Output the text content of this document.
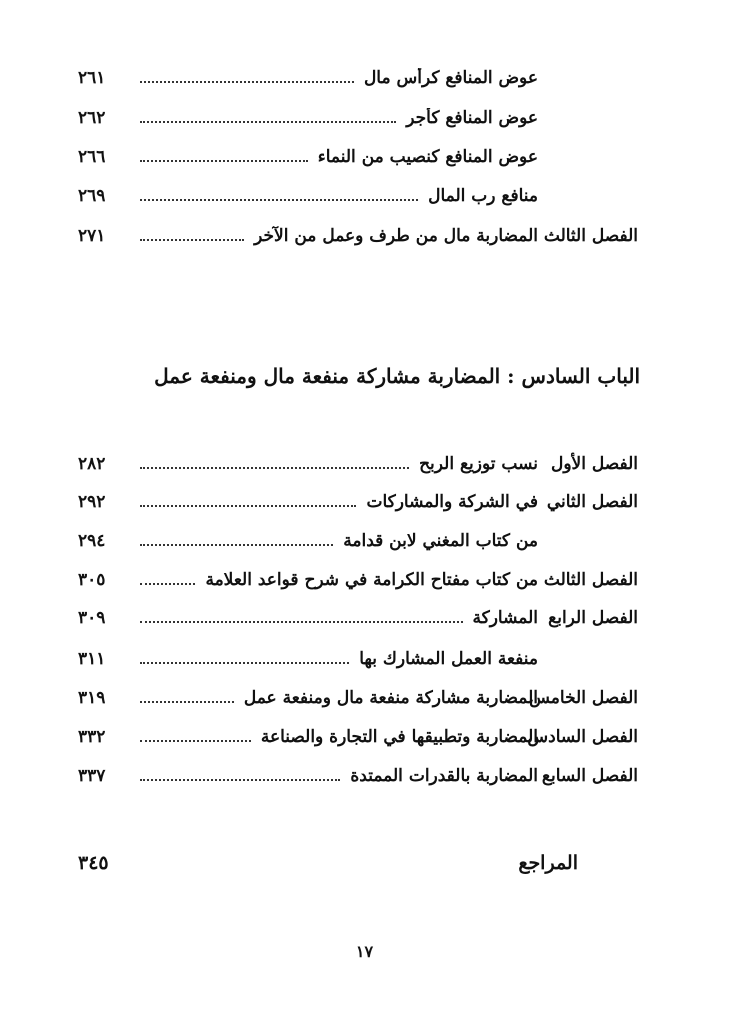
عوض المنافع كرأس مال
٢٦١
عوض المنافع كأجر
٢٦٢
عوض المنافع كنصيب من النماء
٢٦٦
منافع رب المال
٢٦٩
الفصل الثالث
المضاربة مال من طرف وعمل من الآخر
٢٧١
الباب السادس : المضاربة مشاركة منفعة مال ومنفعة عمل
الفصل الأول
نسب توزيع الربح
٢٨٢
الفصل الثاني
في الشركة والمشاركات
٢٩٢
من كتاب المغني لابن قدامة
٢٩٤
الفصل الثالث
من كتاب مفتاح الكرامة في شرح قواعد العلامة
٣٠٥
الفصل الرابع
المشاركة
٣٠٩
منفعة العمل المشارك بها
٣١١
الفصل الخامس
المضاربة مشاركة منفعة مال ومنفعة عمل
٣١٩
الفصل السادس
المضاربة وتطبيقها في التجارة والصناعة
٣٣٢
الفصل السابع
المضاربة بالقدرات الممتدة
٣٣٧
المراجع
٣٤٥
١٧
